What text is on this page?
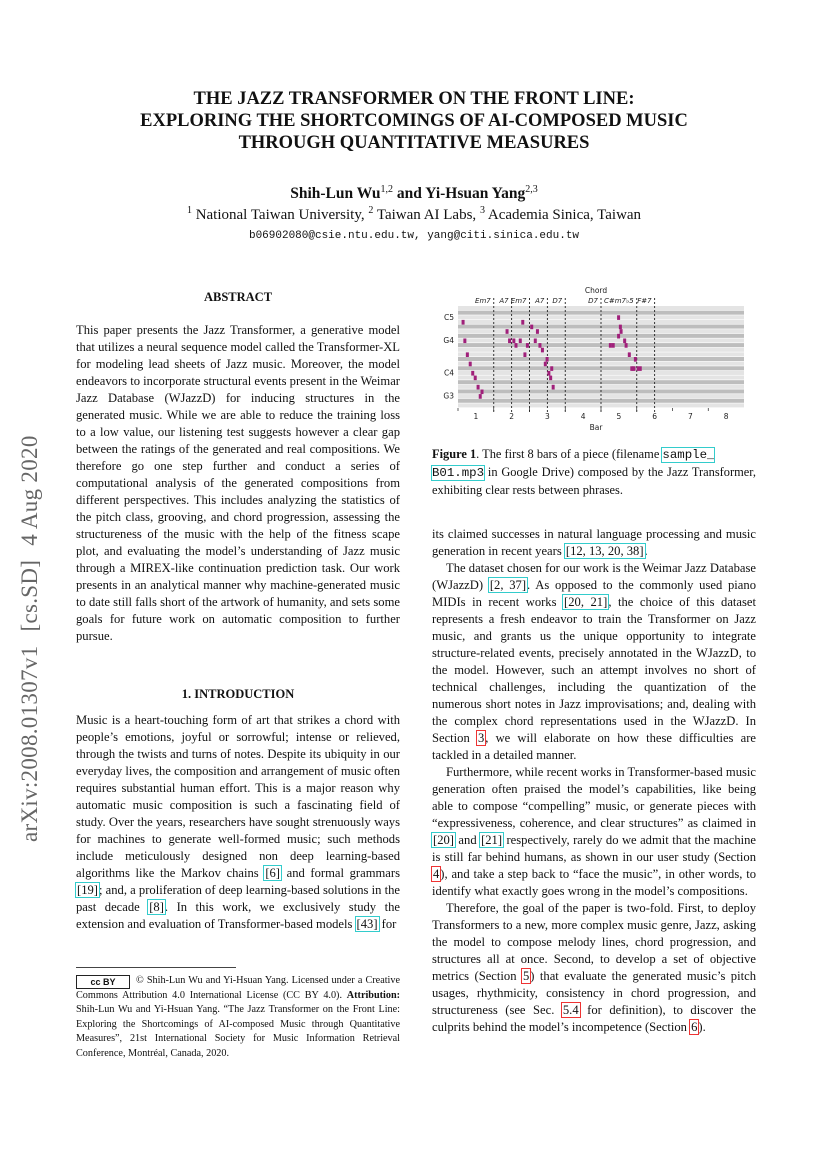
arXiv:2008.01307v1 [cs.SD] 4 Aug 2020
THE JAZZ TRANSFORMER ON THE FRONT LINE:
EXPLORING THE SHORTCOMINGS OF AI-COMPOSED MUSIC
THROUGH QUANTITATIVE MEASURES
Shih-Lun Wu$^{1,2}$ and Yi-Hsuan Yang$^{2,3}$
$^1$ National Taiwan University, $^2$ Taiwan AI Labs, $^3$ Academia Sinica, Taiwan
b06902080@csie.ntu.edu.tw, yang@citi.sinica.edu.tw
ABSTRACT

This paper presents the Jazz Transformer, a generative model that utilizes a neural sequence model called the Transformer-XL for modeling lead sheets of Jazz music. Moreover, the model endeavors to incorporate structural events present in the Weimar Jazz Database (WJazzD) for inducing structures in the generated music. While we are able to reduce the training loss to a low value, our listening test suggests however a clear gap between the ratings of the generated and real compositions. We therefore go one step further and conduct a series of computational analysis of the generated compositions from different perspectives. This includes analyzing the statistics of the pitch class, grooving, and chord progression, assessing the structureness of the music with the help of the fitness scape plot, and evaluating the model’s understanding of Jazz music through a MIREX-like continuation prediction task. Our work presents in an analytical manner why machine-generated music to date still falls short of the artwork of humanity, and sets some goals for future work on automatic composition to further pursue.

1. INTRODUCTION

Music is a heart-touching form of art that strikes a chord with people’s emotions, joyful or sorrowful; intense or relieved, through the twists and turns of notes. Despite its ubiquity in our everyday lives, the composition and arrangement of music often requires substantial human effort. This is a major reason why automatic music composition is such a fascinating field of study. Over the years, researchers have sought strenuously ways for machines to generate well-formed music; such methods include meticulously designed non deep learning-based algorithms like the Markov chains [6] and formal grammars [19]; and, a proliferation of deep learning-based solutions in the past decade [8]. In this work, we exclusively study the extension and evaluation of Transformer-based models [43] for

cc BY © Shih-Lun Wu and Yi-Hsuan Yang. Licensed under a Creative Commons Attribution 4.0 International License (CC BY 4.0). Attribution: Shih-Lun Wu and Yi-Hsuan Yang. “The Jazz Transformer on the Front Line: Exploring the Shortcomings of AI-composed Music through Quantitative Measures”, 21st International Society for Music Information Retrieval Conference, Montréal, Canada, 2020.
Chord
Em7 A7 Em7 A7 D7	D7 C#m7♭5 F#7
C5
G4
C4
G3
1	2	3	4	5	6	7	8
Bar
Figure 1. The first 8 bars of a piece (filename sample_
B01.mp3 in Google Drive) composed by the Jazz Transformer, exhibiting clear rests between phrases.

its claimed successes in natural language processing and music generation in recent years [12, 13, 20, 38].

The dataset chosen for our work is the Weimar Jazz Database (WJazzD) [2, 37]. As opposed to the commonly used piano MIDIs in recent works [20, 21], the choice of this dataset represents a fresh endeavor to train the Transformer on Jazz music, and grants us the unique opportunity to integrate structure-related events, precisely annotated in the WJazzD, to the model. However, such an attempt involves no short of technical challenges, including the quantization of the numerous short notes in Jazz improvisations; and, dealing with the complex chord representations used in the WJazzD. In Section 3, we will elaborate on how these difficulties are tackled in a detailed manner.

Furthermore, while recent works in Transformer-based music generation often praised the model’s capabilities, like being able to compose “compelling” music, or generate pieces with “expressiveness, coherence, and clear structures” as claimed in [20] and [21] respectively, rarely do we admit that the machine is still far behind humans, as shown in our user study (Section 4), and take a step back to “face the music”, in other words, to identify what exactly goes wrong in the model’s compositions.

Therefore, the goal of the paper is two-fold. First, to deploy Transformers to a new, more complex music genre, Jazz, asking the model to compose melody lines, chord progression, and structures all at once. Second, to develop a set of objective metrics (Section 5) that evaluate the generated music’s pitch usages, rhythmicity, consistency in chord progression, and structureness (see Sec. 5.4 for definition), to discover the culprits behind the model’s incompetence (Section 6).
